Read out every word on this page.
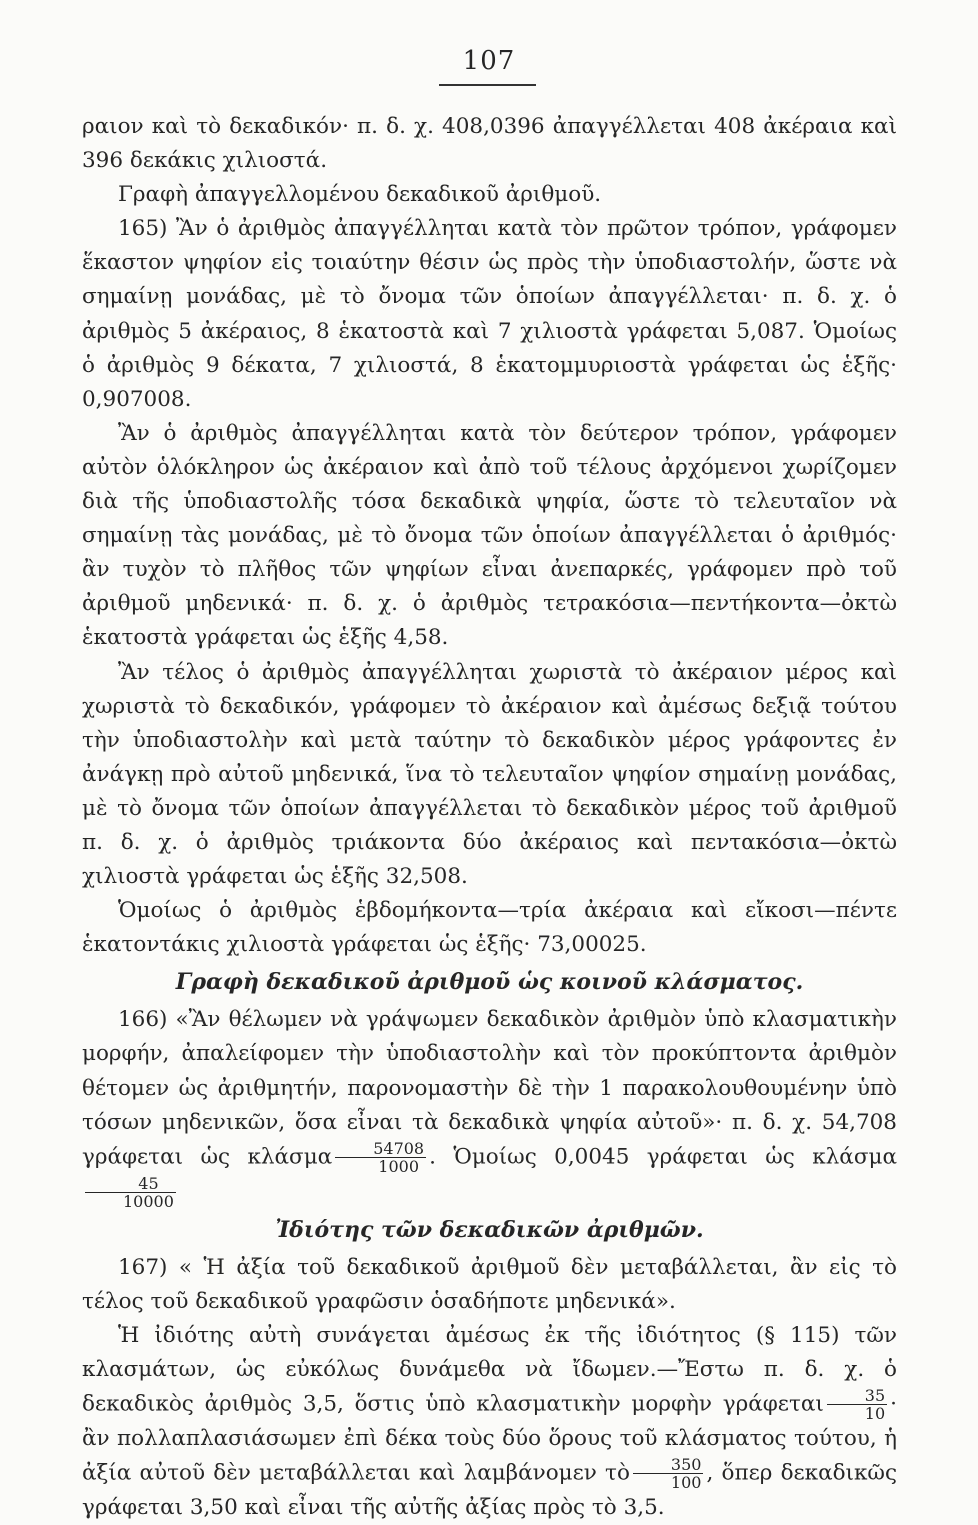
107

ραιον καὶ τὸ δεκαδικόν· π. δ. χ. 408,0396 ἀπαγγέλλεται 408 ἀκέραια καὶ 396 δεκάκις χιλιοστά.

Γραφὴ ἀπαγγελλομένου δεκαδικοῦ ἀριθμοῦ.

165) Ἂν ὁ ἀριθμὸς ἀπαγγέλληται κατὰ τὸν πρῶτον τρόπον, γράφομεν ἕκαστον ψηφίον εἰς τοιαύτην θέσιν ὡς πρὸς τὴν ὑποδιαστολήν, ὥστε νὰ σημαίνῃ μονάδας, μὲ τὸ ὄνομα τῶν ὁποίων ἀπαγγέλλεται· π. δ. χ. ὁ ἀριθμὸς 5 ἀκέραιος, 8 ἑκατοστὰ καὶ 7 χιλιοστὰ γράφεται 5,087. Ὁμοίως ὁ ἀριθμὸς 9 δέκατα, 7 χιλιοστά, 8 ἑκατομμυριοστὰ γράφεται ὡς ἑξῆς· 0,907008.

Ἂν ὁ ἀριθμὸς ἀπαγγέλληται κατὰ τὸν δεύτερον τρόπον, γράφομεν αὐτὸν ὁλόκληρον ὡς ἀκέραιον καὶ ἀπὸ τοῦ τέλους ἀρχόμενοι χωρίζομεν διὰ τῆς ὑποδιαστολῆς τόσα δεκαδικὰ ψηφία, ὥστε τὸ τελευταῖον νὰ σημαίνῃ τὰς μονάδας, μὲ τὸ ὄνομα τῶν ὁποίων ἀπαγγέλλεται ὁ ἀριθμός· ἂν τυχὸν τὸ πλῆθος τῶν ψηφίων εἶναι ἀνεπαρκές, γράφομεν πρὸ τοῦ ἀριθμοῦ μηδενικά· π. δ. χ. ὁ ἀριθμὸς τετρακόσια—πεντήκοντα—ὀκτὼ ἑκατοστὰ γράφεται ὡς ἑξῆς 4,58.

Ἂν τέλος ὁ ἀριθμὸς ἀπαγγέλληται χωριστὰ τὸ ἀκέραιον μέρος καὶ χωριστὰ τὸ δεκαδικόν, γράφομεν τὸ ἀκέραιον καὶ ἀμέσως δεξιᾷ τούτου τὴν ὑποδιαστολὴν καὶ μετὰ ταύτην τὸ δεκαδικὸν μέρος γράφοντες ἐν ἀνάγκῃ πρὸ αὐτοῦ μηδενικά, ἵνα τὸ τελευταῖον ψηφίον σημαίνῃ μονάδας, μὲ τὸ ὄνομα τῶν ὁποίων ἀπαγγέλλεται τὸ δεκαδικὸν μέρος τοῦ ἀριθμοῦ π. δ. χ. ὁ ἀριθμὸς τριάκοντα δύο ἀκέραιος καὶ πεντακόσια—ὀκτὼ χιλιοστὰ γράφεται ὡς ἑξῆς 32,508.

Ὁμοίως ὁ ἀριθμὸς ἑβδομήκοντα—τρία ἀκέραια καὶ εἴκοσι—πέντε ἑκατοντάκις χιλιοστὰ γράφεται ὡς ἑξῆς· 73,00025.

Γραφὴ δεκαδικοῦ ἀριθμοῦ ὡς κοινοῦ κλάσματος.

166) «Ἂν θέλωμεν νὰ γράψωμεν δεκαδικὸν ἀριθμὸν ὑπὸ κλασματικὴν μορφήν, ἀπαλείφομεν τὴν ὑποδιαστολὴν καὶ τὸν προκύπτοντα ἀριθμὸν θέτομεν ὡς ἀριθμητήν, παρονομαστὴν δὲ τὴν 1 παρακολουθουμένην ὑπὸ τόσων μηδενικῶν, ὅσα εἶναι τὰ δεκαδικὰ ψηφία αὐτοῦ»· π. δ. χ. 54,708 γράφεται ὡς κλάσμα $\frac{54708}{1000}$ . Ὁμοίως 0,0045 γράφεται ὡς κλάσμα
$\frac{45}{10000}$

Ἰδιότης τῶν δεκαδικῶν ἀριθμῶν.

167) « Ἡ ἀξία τοῦ δεκαδικοῦ ἀριθμοῦ δὲν μεταβάλλεται, ἂν εἰς τὸ τέλος τοῦ δεκαδικοῦ γραφῶσιν ὁσαδήποτε μηδενικά».

Ἡ ἰδιότης αὐτὴ συνάγεται ἀμέσως ἐκ τῆς ἰδιότητος (§ 115) τῶν κλασμάτων, ὡς εὐκόλως δυνάμεθα νὰ ἴδωμεν.—Ἔστω π. δ. χ. ὁ δεκαδικὸς ἀριθμὸς 3,5, ὅστις ὑπὸ κλασματικὴν μορφὴν γράφεται $\frac{35}{10}$ · ἂν πολλαπλασιάσωμεν ἐπὶ δέκα τοὺς δύο ὅρους τοῦ κλάσματος τούτου, ἡ ἀξία αὐτοῦ δὲν μεταβάλλεται καὶ λαμβάνομεν τὸ $\frac{350}{100}$ , ὅπερ δεκαδικῶς γράφεται 3,50 καὶ εἶναι τῆς αὐτῆς ἀξίας πρὸς τὸ 3,5.
